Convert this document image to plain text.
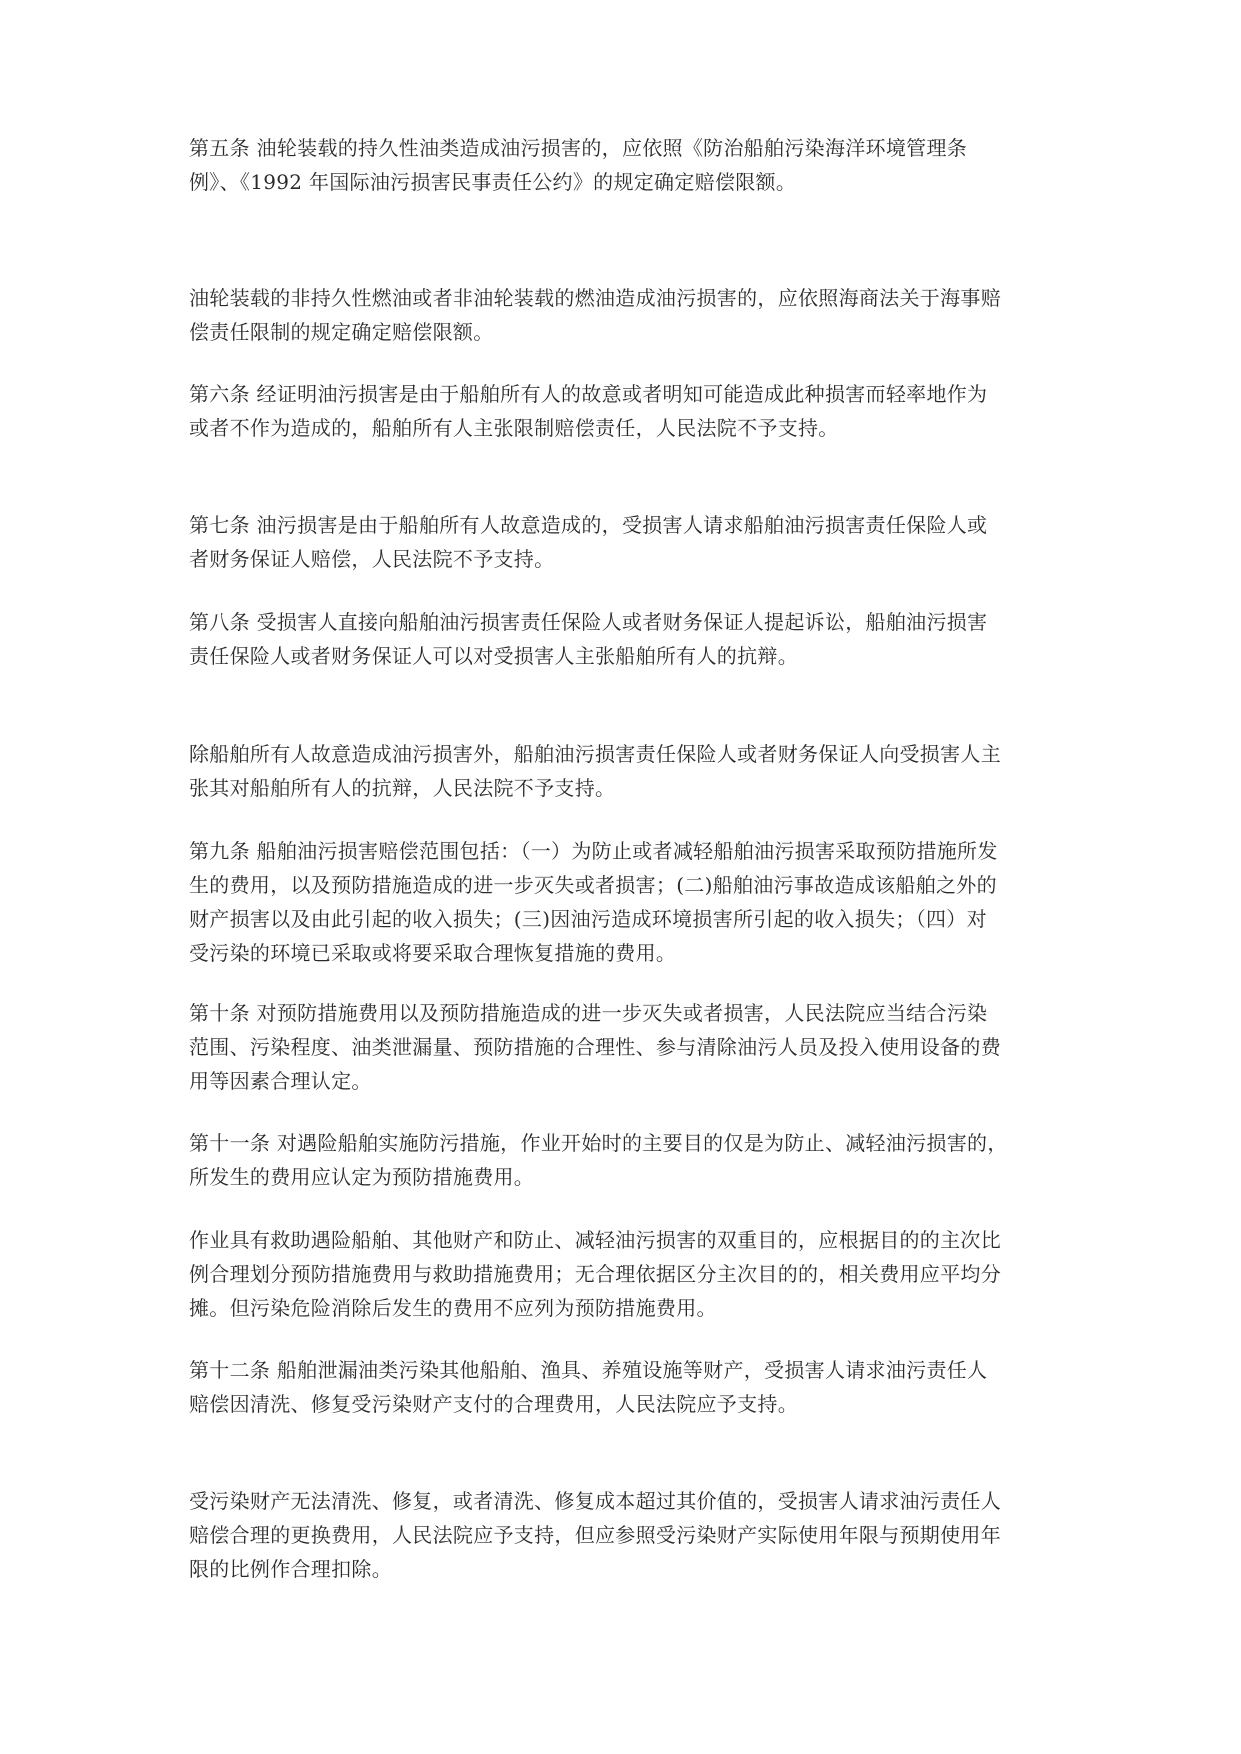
第五条 油轮装载的持久性油类造成油污损害的，应依照《防治船舶污染海洋环境管理条
例》、《1992 年国际油污损害民事责任公约》的规定确定赔偿限额。
油轮装载的非持久性燃油或者非油轮装载的燃油造成油污损害的，应依照海商法关于海事赔
偿责任限制的规定确定赔偿限额。
第六条 经证明油污损害是由于船舶所有人的故意或者明知可能造成此种损害而轻率地作为
或者不作为造成的，船舶所有人主张限制赔偿责任，人民法院不予支持。
第七条 油污损害是由于船舶所有人故意造成的，受损害人请求船舶油污损害责任保险人或
者财务保证人赔偿，人民法院不予支持。
第八条 受损害人直接向船舶油污损害责任保险人或者财务保证人提起诉讼，船舶油污损害
责任保险人或者财务保证人可以对受损害人主张船舶所有人的抗辩。
除船舶所有人故意造成油污损害外，船舶油污损害责任保险人或者财务保证人向受损害人主
张其对船舶所有人的抗辩，人民法院不予支持。
第九条 船舶油污损害赔偿范围包括：（一）为防止或者减轻船舶油污损害采取预防措施所发
生的费用，以及预防措施造成的进一步灭失或者损害；(二)船舶油污事故造成该船舶之外的
财产损害以及由此引起的收入损失；(三)因油污造成环境损害所引起的收入损失；（四）对
受污染的环境已采取或将要采取合理恢复措施的费用。
第十条 对预防措施费用以及预防措施造成的进一步灭失或者损害，人民法院应当结合污染
范围、污染程度、油类泄漏量、预防措施的合理性、参与清除油污人员及投入使用设备的费
用等因素合理认定。
第十一条 对遇险船舶实施防污措施，作业开始时的主要目的仅是为防止、减轻油污损害的，
所发生的费用应认定为预防措施费用。
作业具有救助遇险船舶、其他财产和防止、减轻油污损害的双重目的，应根据目的的主次比
例合理划分预防措施费用与救助措施费用；无合理依据区分主次目的的，相关费用应平均分
摊。但污染危险消除后发生的费用不应列为预防措施费用。
第十二条 船舶泄漏油类污染其他船舶、渔具、养殖设施等财产，受损害人请求油污责任人
赔偿因清洗、修复受污染财产支付的合理费用，人民法院应予支持。
受污染财产无法清洗、修复，或者清洗、修复成本超过其价值的，受损害人请求油污责任人
赔偿合理的更换费用，人民法院应予支持，但应参照受污染财产实际使用年限与预期使用年
限的比例作合理扣除。
